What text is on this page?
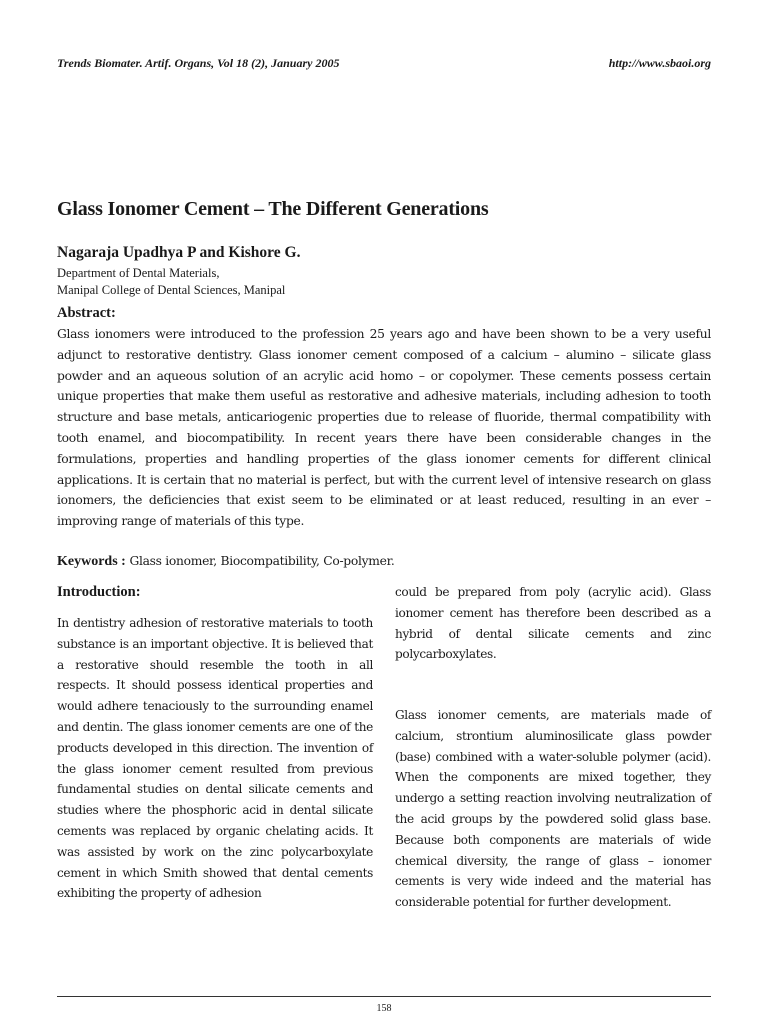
Trends Biomater. Artif. Organs, Vol 18 (2), January 2005	http://www.sbaoi.org
Glass Ionomer Cement – The Different Generations
Nagaraja Upadhya P and Kishore G.
Department of Dental Materials,
Manipal College of Dental Sciences, Manipal
Abstract:

Glass ionomers were introduced to the profession 25 years ago and have been shown to be a very useful adjunct to restorative dentistry. Glass ionomer cement composed of a calcium – alumino – silicate glass powder and an aqueous solution of an acrylic acid homo – or copolymer. These cements possess certain unique properties that make them useful as restorative and adhesive materials, including adhesion to tooth structure and base metals, anticariogenic properties due to release of fluoride, thermal compatibility with tooth enamel, and biocompatibility. In recent years there have been considerable changes in the formulations, properties and handling properties of the glass ionomer cements for different clinical applications. It is certain that no material is perfect, but with the current level of intensive research on glass ionomers, the deficiencies that exist seem to be eliminated or at least reduced, resulting in an ever – improving range of materials of this type.

Keywords : Glass ionomer, Biocompatibility, Co-polymer.
Introduction:

In dentistry adhesion of restorative materials to tooth substance is an important objective. It is believed that a restorative should resemble the tooth in all respects. It should possess identical properties and would adhere tenaciously to the surrounding enamel and dentin. The glass ionomer cements are one of the products developed in this direction. The invention of the glass ionomer cement resulted from previous fundamental studies on dental silicate cements and studies where the phosphoric acid in dental silicate cements was replaced by organic chelating acids. It was assisted by work on the zinc polycarboxylate cement in which Smith showed that dental cements exhibiting the property of adhesion

could be prepared from poly (acrylic acid). Glass ionomer cement has therefore been described as a hybrid of dental silicate cements and zinc polycarboxylates.

Glass ionomer cements, are materials made of calcium, strontium aluminosilicate glass powder (base) combined with a water-soluble polymer (acid). When the components are mixed together, they undergo a setting reaction involving neutralization of the acid groups by the powdered solid glass base. Because both components are materials of wide chemical diversity, the range of glass – ionomer cements is very wide indeed and the material has considerable potential for further development.

158
